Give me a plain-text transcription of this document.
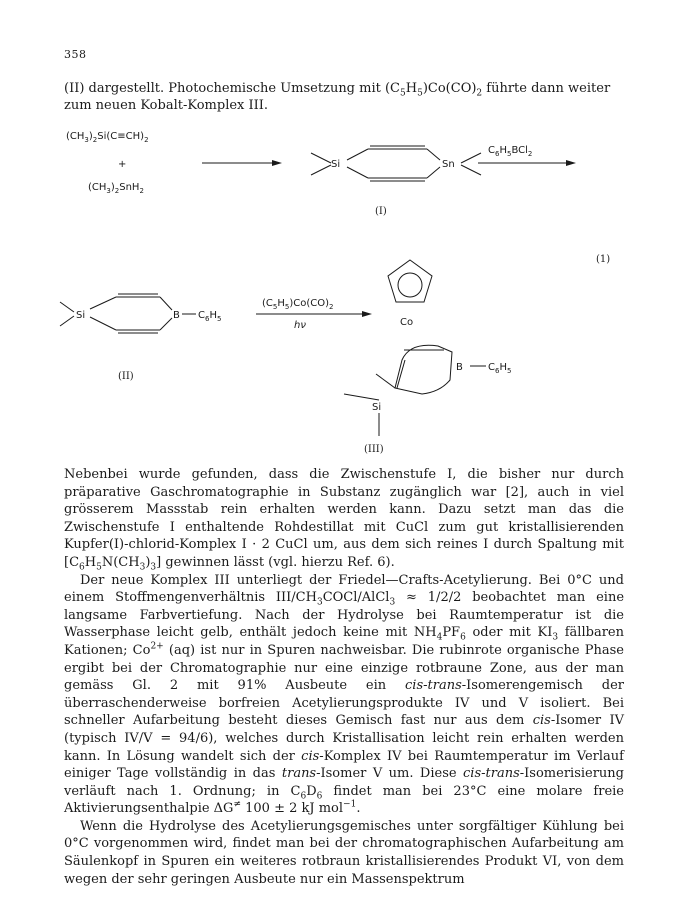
358

(II) dargestellt. Photochemische Umsetzung mit $(C_5H_5)Co(CO)_2$ führte dann weiter zum neuen Kobalt-Komplex III.

$(CH_3)_2Si(C\equiv CH)_2$
+
$(CH_3)_2SnH_2$
Si	Sn
$C_6H_5BCl_2$
(I)
(1)
Si	B $C_6H_5$
$(C_5H_5)Co(CO)_2$
hν
(II)
Co
B	$C_6H_5$
Si
(III)

Nebenbei wurde gefunden, dass die Zwischenstufe I, die bisher nur durch präparative Gaschromatographie in Substanz zugänglich war [2], auch in viel grösserem Massstab rein erhalten werden kann. Dazu setzt man das die Zwischenstufe I enthaltende Rohdestillat mit CuCl zum gut kristallisierenden Kupfer(I)-chlorid-Komplex I · 2 CuCl um, aus dem sich reines I durch Spaltung mit $[C_6H_5N(CH_3)_3]$ gewinnen lässt (vgl. hierzu Ref. 6).

Der neue Komplex III unterliegt der Friedel—Crafts-Acetylierung. Bei 0°C und einem Stoffmengenverhältnis III/$CH_3COCl/AlCl_3 \approx 1/2/2$ beobachtet man eine langsame Farbvertiefung. Nach der Hydrolyse bei Raumtemperatur ist die Wasserphase leicht gelb, enthält jedoch keine mit $NH_4PF_6$ oder mit $KI_3$ fällbaren Kationen; $Co^{2+}$ (aq) ist nur in Spuren nachweisbar. Die rubinrote organische Phase ergibt bei der Chromatographie nur eine einzige rotbraune Zone, aus der man gemäss Gl. 2 mit 91% Ausbeute ein cis-trans-Isomerengemisch der überraschenderweise borfreien Acetylierungsprodukte IV und V isoliert. Bei schneller Aufarbeitung besteht dieses Gemisch fast nur aus dem cis-Isomer IV (typisch IV/V = 94/6), welches durch Kristallisation leicht rein erhalten werden kann. In Lösung wandelt sich der cis-Komplex IV bei Raumtemperatur im Verlauf einiger Tage vollständig in das trans-Isomer V um. Diese cis-trans-Isomerisierung verläuft nach 1. Ordnung; in $C_6D_6$ findet man bei 23°C eine molare freie Aktivierungsenthalpie ΔG≠ 100 ± 2 kJ mol$^{-1}$.

Wenn die Hydrolyse des Acetylierungsgemisches unter sorgfältiger Kühlung bei 0°C vorgenommen wird, findet man bei der chromatographischen Aufarbeitung am Säulenkopf in Spuren ein weiteres rotbraun kristallisierendes Produkt VI, von dem wegen der sehr geringen Ausbeute nur ein Massenspektrum
